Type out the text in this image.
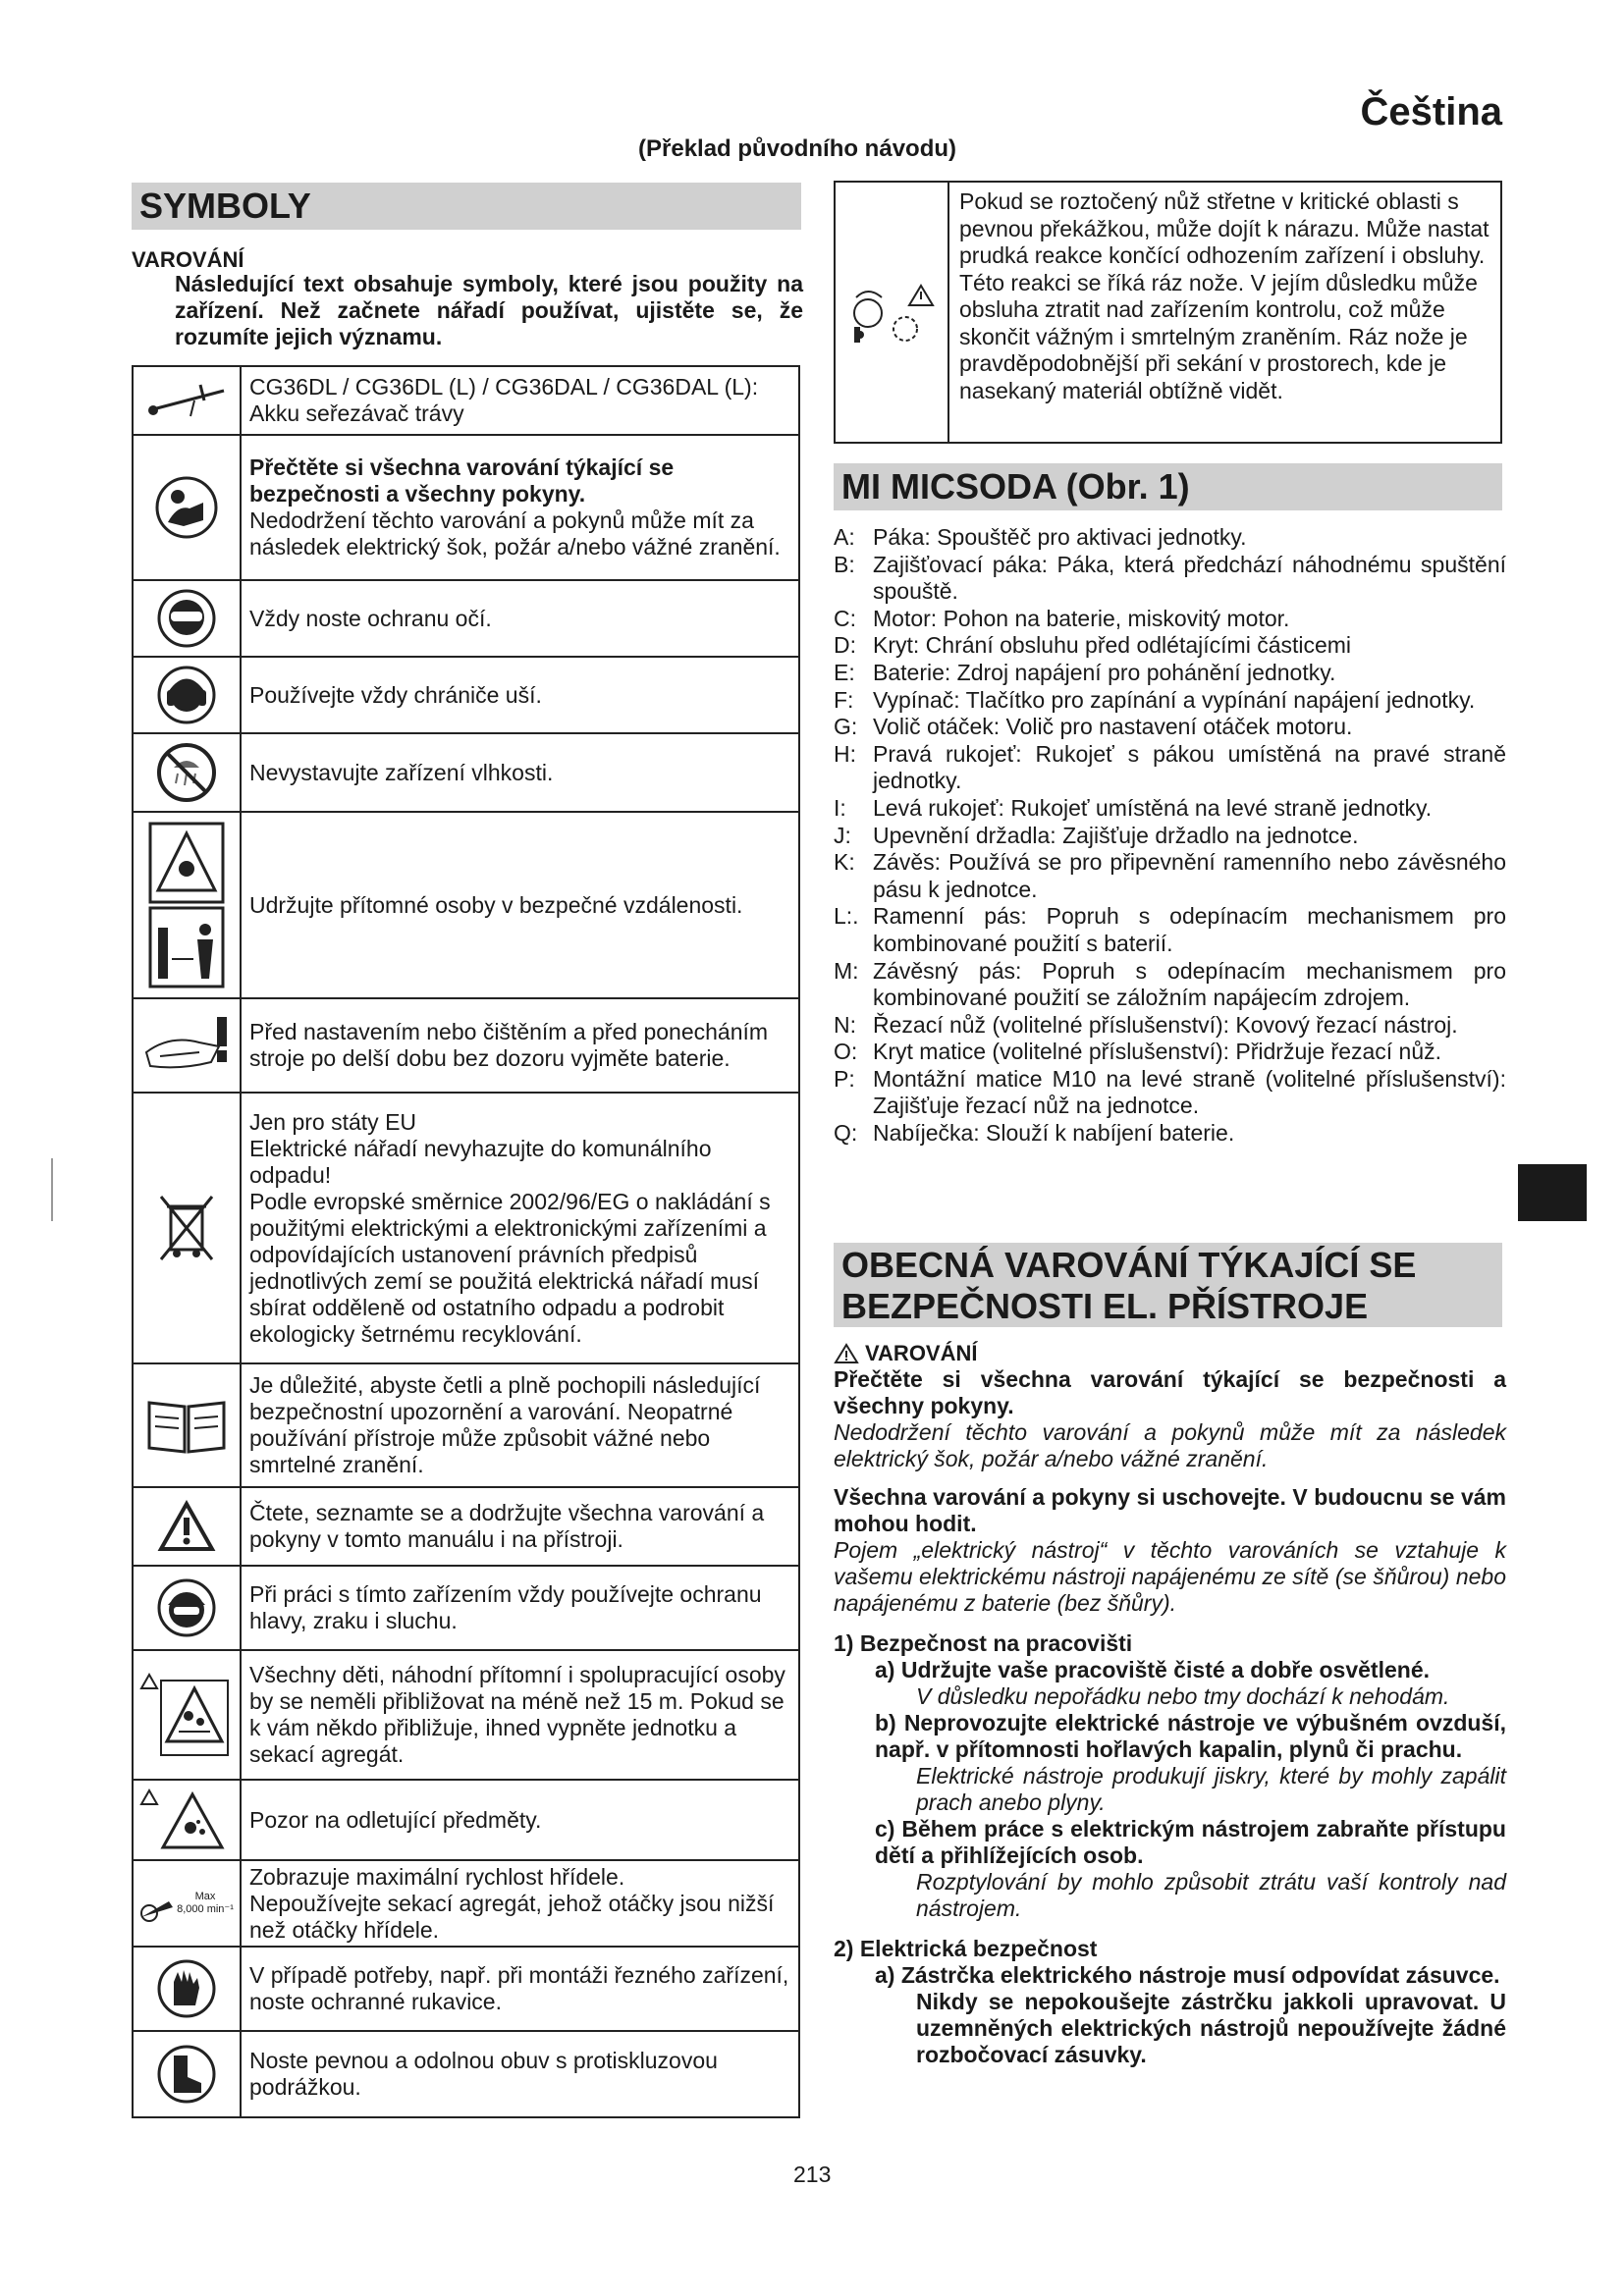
Čeština
(Překlad původního návodu)
SYMBOLY
VAROVÁNÍ
Následující text obsahuje symboly, které jsou použity na zařízení. Než začnete nářadí používat, ujistěte se, že rozumíte jejich významu.

CG36DL / CG36DL (L) / CG36DAL / CG36DAL (L):

Akku seřezávač trávy

Přečtěte si všechna varování týkající se bezpečnosti a všechny pokyny.

Nedodržení těchto varování a pokynů může mít za následek elektrický šok, požár a/nebo vážné zranění.

Vždy noste ochranu očí.

Používejte vždy chrániče uší.

Nevystavujte zařízení vlhkosti.

Udržujte přítomné osoby v bezpečné vzdálenosti.

Před nastavením nebo čištěním a před ponecháním stroje po delší dobu bez dozoru vyjměte baterie.

Jen pro státy EU

Elektrické nářadí nevyhazujte do komunálního odpadu!

Podle evropské směrnice 2002/96/EG o nakládání s použitými elektrickými a elektronickými zařízeními a odpovídajících ustanovení právních předpisů jednotlivých zemí se použitá elektrická nářadí musí sbírat odděleně od ostatního odpadu a podrobit ekologicky šetrnému recyklování.

Je důležité, abyste četli a plně pochopili následující bezpečnostní upozornění a varování. Neopatrné používání přístroje může způsobit vážné nebo smrtelné zranění.

Čtete, seznamte se a dodržujte všechna varování a pokyny v tomto manuálu i na přístroji.

Při práci s tímto zařízením vždy používejte ochranu hlavy, zraku i sluchu.

Všechny děti, náhodní přítomní i spolupracující osoby by se neměli přibližovat na méně než 15 m. Pokud se k vám někdo přibližuje, ihned vypněte jednotku a sekací agregát.

Pozor na odletující předměty.

Max
8,000 min⁻¹

Zobrazuje maximální rychlost hřídele.

Nepoužívejte sekací agregát, jehož otáčky jsou nižší než otáčky hřídele.

V případě potřeby, např. při montáži řezného zařízení, noste ochranné rukavice.

Noste pevnou a odolnou obuv s protiskluzovou podrážkou.

Pokud se roztočený nůž střetne v kritické oblasti s pevnou překážkou, může dojít k nárazu. Může nastat prudká reakce končící odhozením zařízení i obsluhy. Této reakci se říká ráz nože. V jejím důsledku může obsluha ztratit nad zařízením kontrolu, což může skončit vážným i smrtelným zraněním. Ráz nože je pravděpodobnější při sekání v prostorech, kde je nasekaný materiál obtížně vidět.

MI MICSODA (Obr. 1)
A: Páka: Spouštěč pro aktivaci jednotky.
B: Zajišťovací páka: Páka, která předchází náhodnému spuštění spouště.
C: Motor: Pohon na baterie, miskovitý motor.
D: Kryt: Chrání obsluhu před odlétajícími částicemi
E: Baterie: Zdroj napájení pro pohánění jednotky.
F: Vypínač: Tlačítko pro zapínání a vypínání napájení jednotky.
G: Volič otáček: Volič pro nastavení otáček motoru.
H: Pravá rukojeť: Rukojeť s pákou umístěná na pravé straně jednotky.
I:	Levá rukojeť: Rukojeť umístěná na levé straně jednotky.
J: Upevnění držadla: Zajišťuje držadlo na jednotce.
K: Závěs: Používá se pro připevnění ramenního nebo závěsného pásu k jednotce.
L:. Ramenní pás: Popruh s odepínacím mechanismem pro kombinované použití s baterií.
M: Závěsný pás: Popruh s odepínacím mechanismem pro kombinované použití se záložním napájecím zdrojem.
N: Řezací nůž (volitelné příslušenství): Kovový řezací nástroj.
O: Kryt matice (volitelné příslušenství): Přidržuje řezací nůž.
P: Montážní matice M10 na levé straně (volitelné příslušenství): Zajišťuje řezací nůž na jednotce.
Q: Nabíječka: Slouží k nabíjení baterie.
OBECNÁ VAROVÁNÍ TÝKAJÍCÍ SE BEZPEČNOSTI EL. PŘÍSTROJE
VAROVÁNÍ

Přečtěte si všechna varování týkající se bezpečnosti a všechny pokyny.

Nedodržení těchto varování a pokynů může mít za následek elektrický šok, požár a/nebo vážné zranění.

Všechna varování a pokyny si uschovejte. V budoucnu se vám mohou hodit.

Pojem „elektrický nástroj“ v těchto varováních se vztahuje k vašemu elektrickému nástroji napájenému ze sítě (se šňůrou) nebo napájenému z baterie (bez šňůry).

1) Bezpečnost na pracovišti

a) Udržujte vaše pracoviště čisté a dobře osvětlené.

V důsledku nepořádku nebo tmy dochází k nehodám.

b) Neprovozujte elektrické nástroje ve výbušném ovzduší, např. v přítomnosti hořlavých kapalin, plynů či prachu.

Elektrické nástroje produkují jiskry, které by mohly zapálit prach anebo plyny.

c) Během práce s elektrickým nástrojem zabraňte přístupu dětí a přihlížejících osob.

Rozptylování by mohlo způsobit ztrátu vaší kontroly nad nástrojem.

2) Elektrická bezpečnost

a) Zástrčka elektrického nástroje musí odpovídat zásuvce.

Nikdy se nepokoušejte zástrčku jakkoli upravovat. U uzemněných elektrických nástrojů nepoužívejte žádné rozbočovací zásuvky.

213
